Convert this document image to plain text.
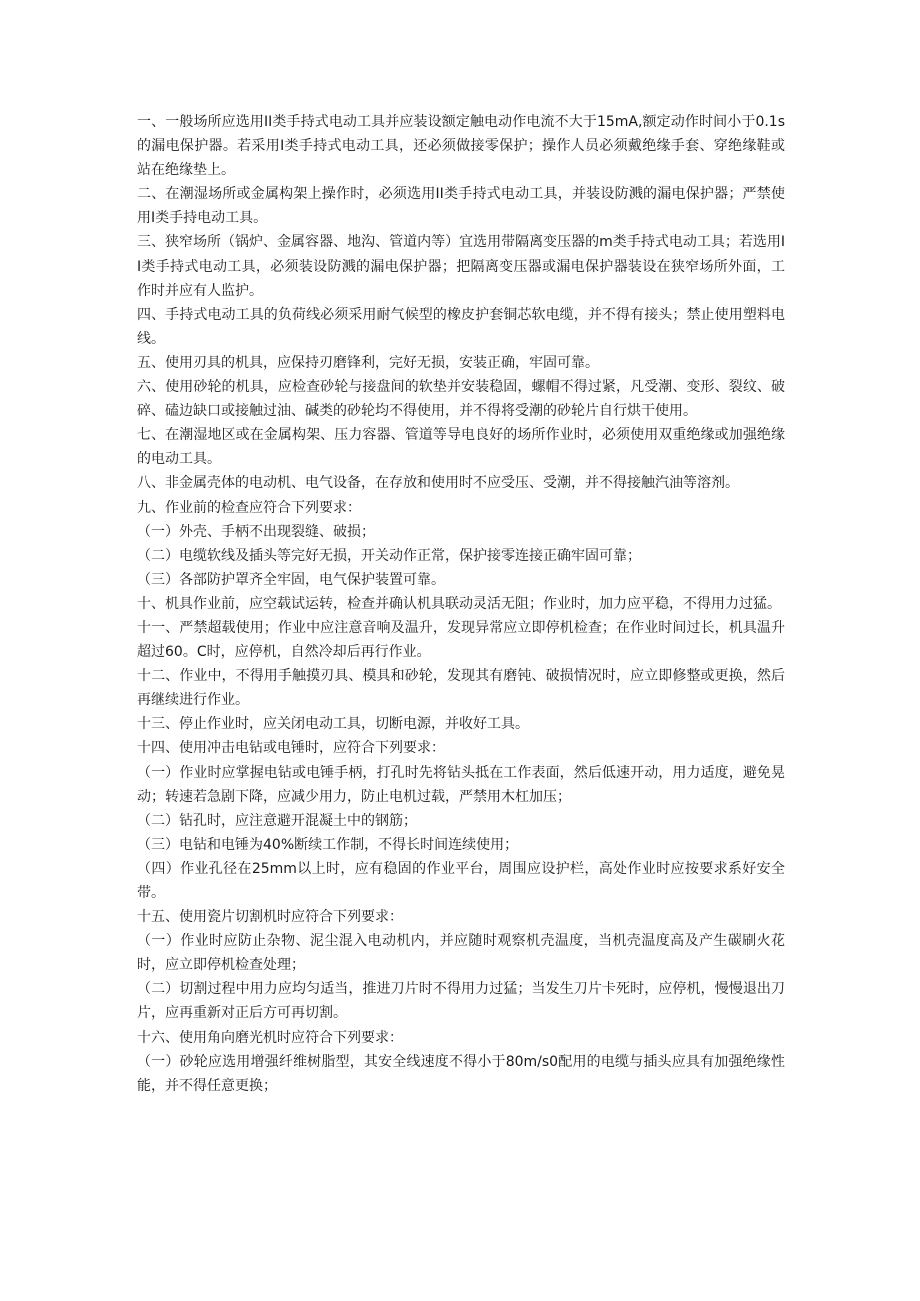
一、一般场所应选用II类手持式电动工具并应装设额定触电动作电流不大于15mA,额定动作时间小于0.1s的漏电保护器。若采用I类手持式电动工具，还必须做接零保护；操作人员必须戴绝缘手套、穿绝缘鞋或站在绝缘垫上。

二、在潮湿场所或金属构架上操作时，必须选用II类手持式电动工具，并装设防溅的漏电保护器；严禁使用I类手持电动工具。

三、狭窄场所（锅炉、金属容器、地沟、管道内等）宜选用带隔离变压器的m类手持式电动工具；若选用II类手持式电动工具，必须装设防溅的漏电保护器；把隔离变压器或漏电保护器装设在狭窄场所外面，工作时并应有人监护。

四、手持式电动工具的负荷线必须采用耐气候型的橡皮护套铜芯软电缆，并不得有接头；禁止使用塑料电线。

五、使用刃具的机具，应保持刃磨锋利，完好无损，安装正确，牢固可靠。

六、使用砂轮的机具，应检查砂轮与接盘间的软垫并安装稳固，螺帽不得过紧，凡受潮、变形、裂纹、破碎、磕边缺口或接触过油、碱类的砂轮均不得使用，并不得将受潮的砂轮片自行烘干使用。

七、在潮湿地区或在金属构架、压力容器、管道等导电良好的场所作业时，必须使用双重绝缘或加强绝缘的电动工具。

八、非金属壳体的电动机、电气设备，在存放和使用时不应受压、受潮，并不得接触汽油等溶剂。

九、作业前的检查应符合下列要求：

（一）外壳、手柄不出现裂缝、破损；

（二）电缆软线及插头等完好无损，开关动作正常，保护接零连接正确牢固可靠；

（三）各部防护罩齐全牢固，电气保护装置可靠。

十、机具作业前，应空载试运转，检查并确认机具联动灵活无阻；作业时，加力应平稳，不得用力过猛。

十一、严禁超载使用；作业中应注意音响及温升，发现异常应立即停机检查；在作业时间过长，机具温升超过60。C时，应停机，自然冷却后再行作业。

十二、作业中，不得用手触摸刃具、模具和砂轮，发现其有磨钝、破损情况时，应立即修整或更换，然后再继续进行作业。

十三、停止作业时，应关闭电动工具，切断电源，并收好工具。

十四、使用冲击电钻或电锤时，应符合下列要求：

（一）作业时应掌握电钻或电锤手柄，打孔时先将钻头抵在工作表面，然后低速开动，用力适度，避免晃动；转速若急剧下降，应减少用力，防止电机过载，严禁用木杠加压；

（二）钻孔时，应注意避开混凝土中的钢筋；

（三）电钻和电锤为40%断续工作制，不得长时间连续使用；

（四）作业孔径在25mm以上时，应有稳固的作业平台，周围应设护栏，高处作业时应按要求系好安全带。

十五、使用瓷片切割机时应符合下列要求：

（一）作业时应防止杂物、泥尘混入电动机内，并应随时观察机壳温度，当机壳温度高及产生碳刷火花时，应立即停机检查处理；

（二）切割过程中用力应均匀适当，推进刀片时不得用力过猛；当发生刀片卡死时，应停机，慢慢退出刀片，应再重新对正后方可再切割。

十六、使用角向磨光机时应符合下列要求：

（一）砂轮应选用增强纤维树脂型，其安全线速度不得小于80m/s0配用的电缆与插头应具有加强绝缘性能，并不得任意更换；
